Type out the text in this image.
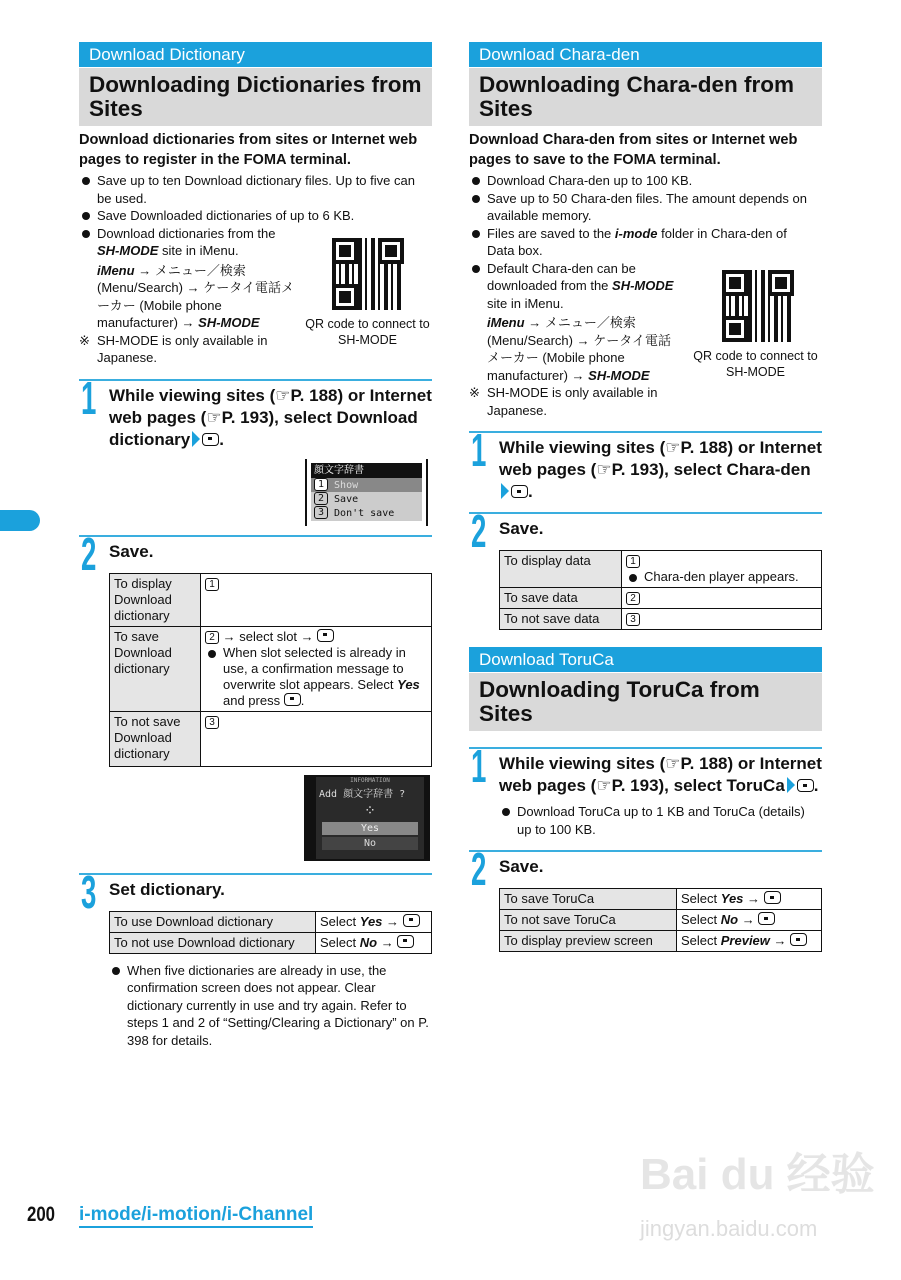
Download Dictionary
Downloading Dictionaries from Sites
Download dictionaries from sites or Internet web pages to register in the FOMA terminal.
Save up to ten Download dictionary files. Up to five can be used.
Save Downloaded dictionaries of up to 6 KB.
Download dictionaries from the SH-MODE site in iMenu.
iMenu → メニュー／検索 (Menu/Search) → ケータイ電話メーカー (Mobile phone manufacturer) → SH-MODE
※ SH-MODE is only available in Japanese.
QR code to connect to SH-MODE
1 While viewing sites (☞P. 188) or Internet web pages (☞P. 193), select Download dictionary .
顔文字辞書
1 Show
2 Save
3 Don't save
2 Save.
To display Download dictionary	1
To save Download dictionary	2 → select slot →
When slot selected is already in use, a confirmation message to overwrite slot appears. Select Yes and press .

To not save Download dictionary	3
INFORMATION
Add 顔文字辞書 ?
⁘
Yes
No
3 Set dictionary.
To use Download dictionary	Select Yes →
To not use Download dictionary	Select No →
When five dictionaries are already in use, the confirmation screen does not appear. Clear dictionary currently in use and try again. Refer to steps 1 and 2 of “Setting/Clearing a Dictionary” on P. 398 for details.
Download Chara-den
Downloading Chara-den from Sites
Download Chara-den from sites or Internet web pages to save to the FOMA terminal.
Download Chara-den up to 100 KB.
Save up to 50 Chara-den files. The amount depends on available memory.
Files are saved to the i-mode folder in Chara-den of Data box.
Default Chara-den can be downloaded from the SH-MODE site in iMenu.
iMenu → メニュー／検索 (Menu/Search) → ケータイ電話メーカー (Mobile phone manufacturer) → SH-MODE
※ SH-MODE is only available in Japanese.
QR code to connect to SH-MODE
1 While viewing sites (☞P. 188) or Internet web pages (☞P. 193), select Chara-den.
2 Save.
To display data	1
Chara-den player appears.

To save data	2
To not save data	3
Download ToruCa
Downloading ToruCa from Sites
1 While viewing sites (☞P. 188) or Internet web pages (☞P. 193), select ToruCa .
Download ToruCa up to 1 KB and ToruCa (details) up to 100 KB.
2 Save.
To save ToruCa	Select Yes →
To not save ToruCa	Select No →
To display preview screen	Select Preview →
200 i-mode/i-motion/i-Channel
Bai du 经验
jingyan.baidu.com
